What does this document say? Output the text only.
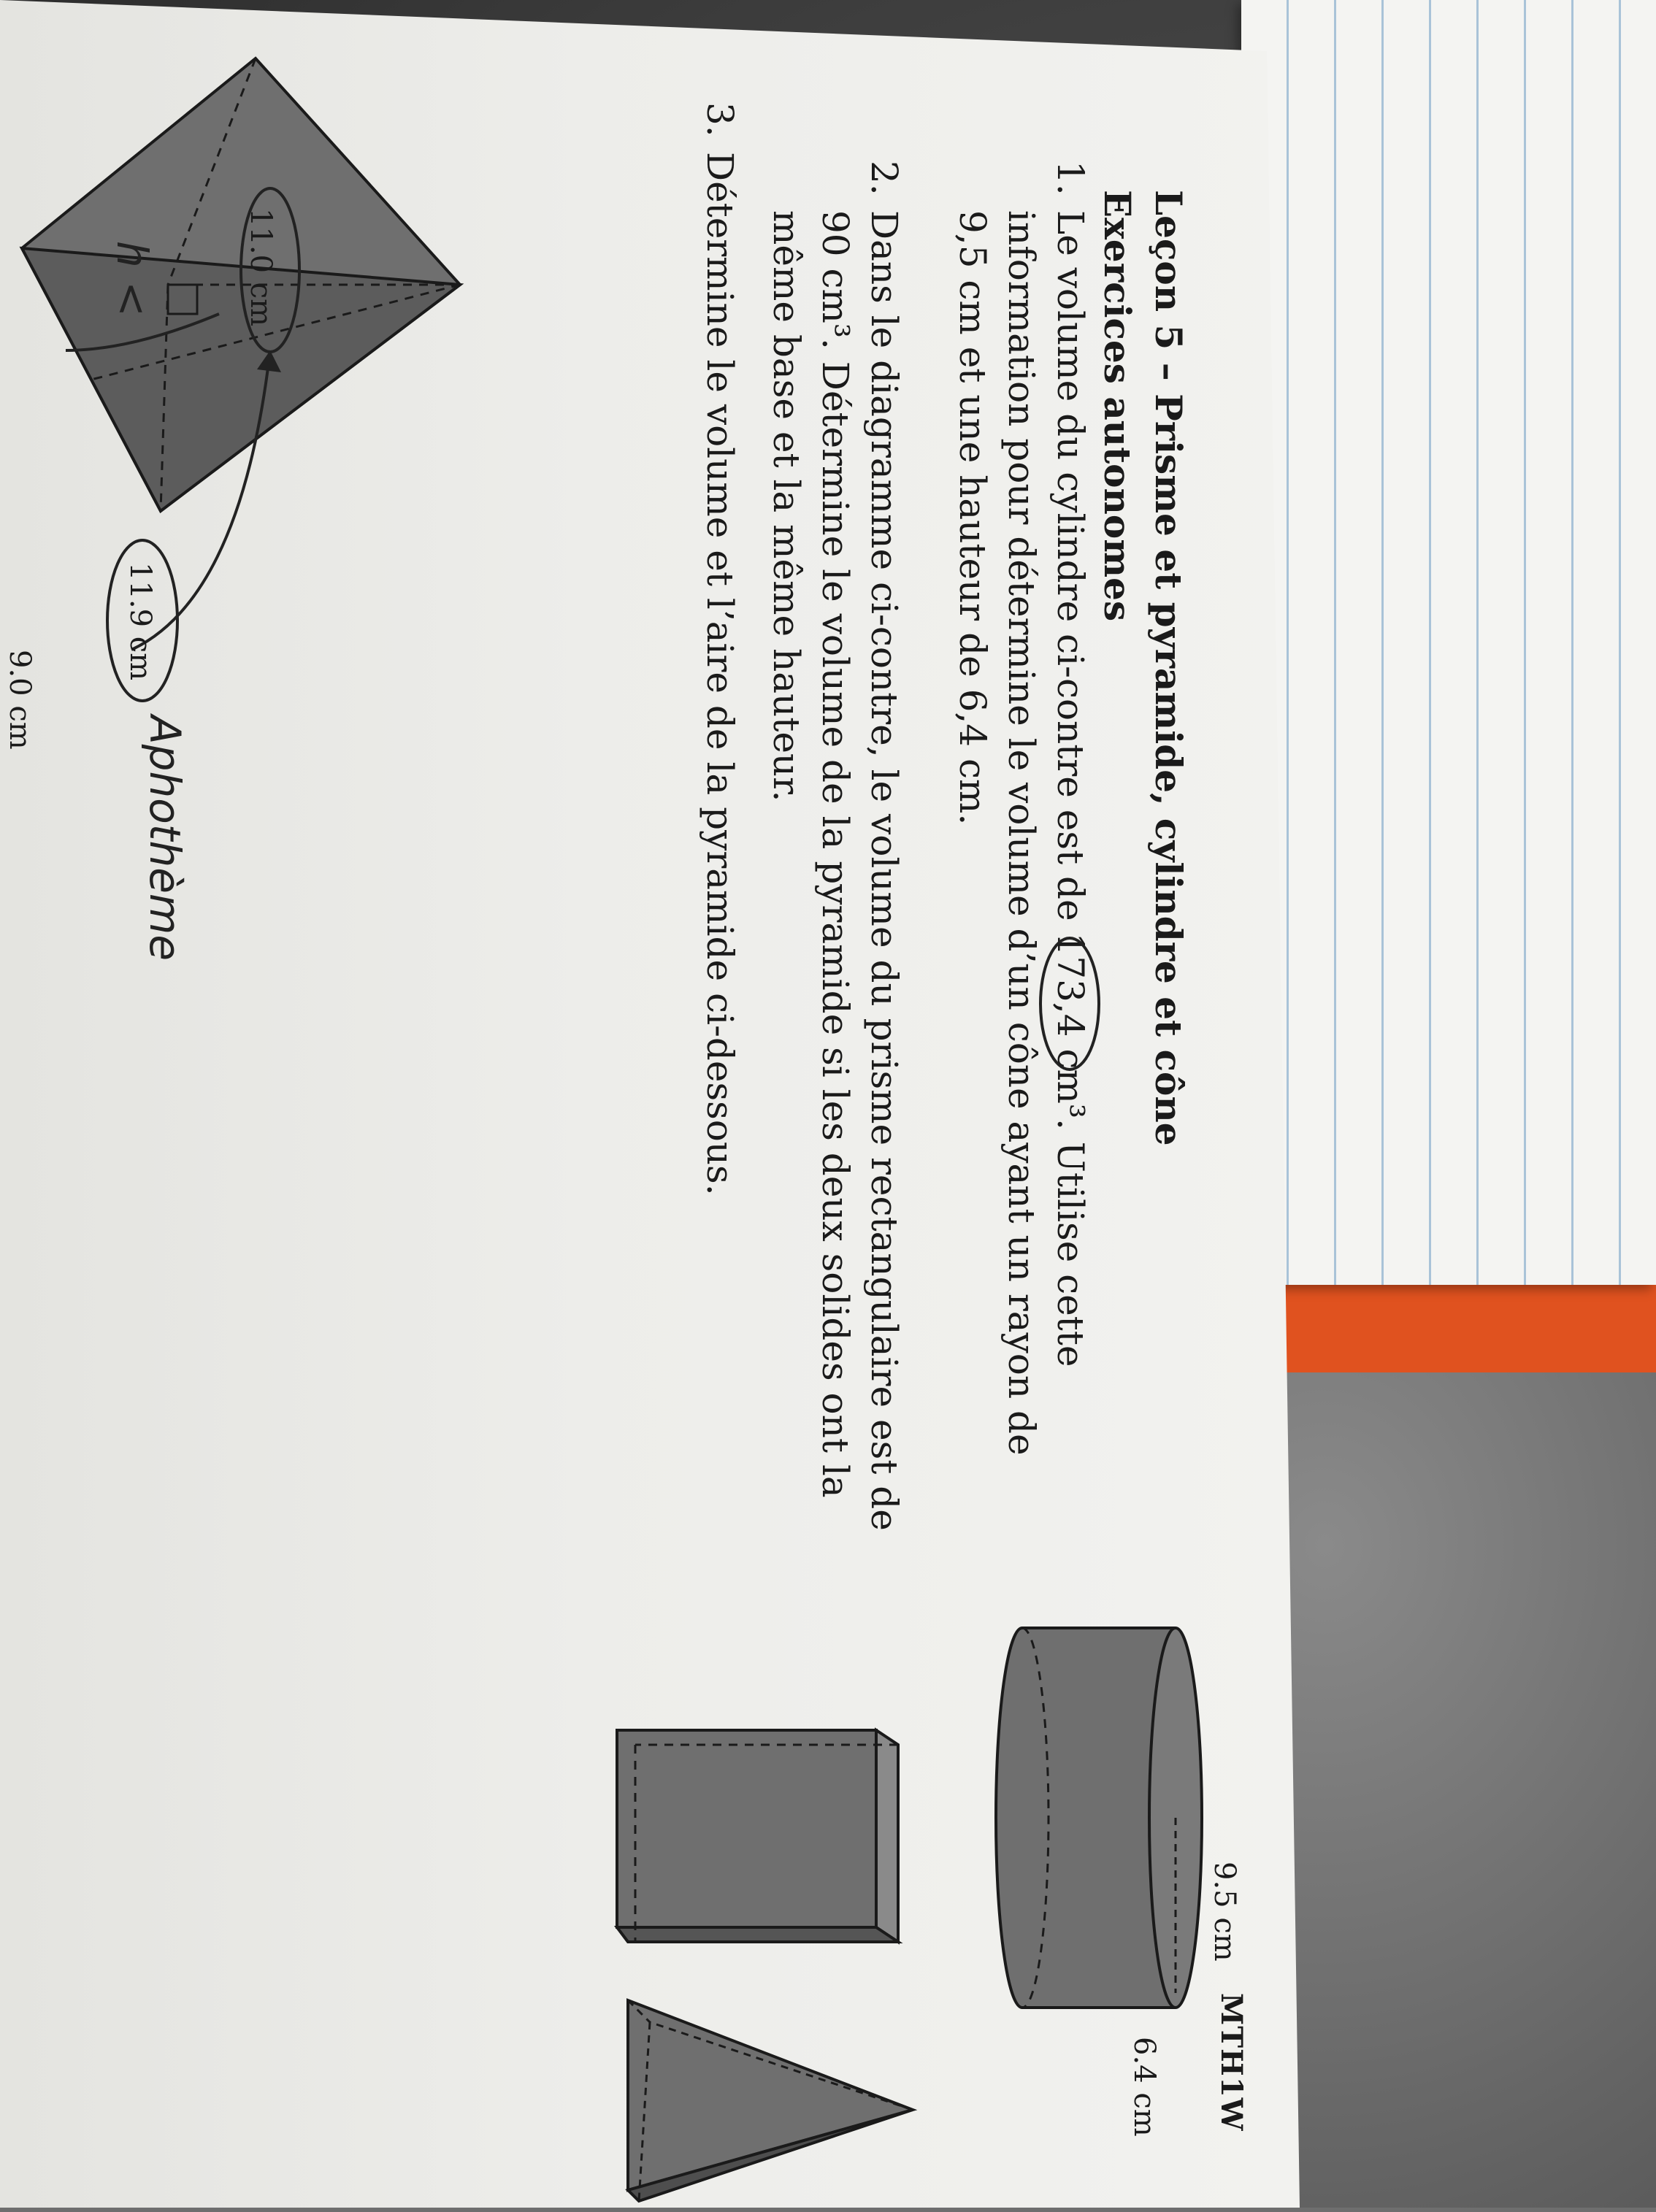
MTH1W
Leçon 5 – Prisme et pyramide, cylindre et cône
Exercices autonomes
1.Le volume du cylindre ci-contre est de 173,4 cm³. Utilise cette
information pour détermine le volume d’un cône ayant un rayon de
9,5 cm et une hauteur de 6,4 cm.
2.Dans le diagramme ci-contre, le volume du prisme rectangulaire est de
90 cm³. Détermine le volume de la pyramide si les deux solides ont la
même base et la même hauteur.
3.Détermine le volume et l’aire de la pyramide ci-dessous.
9.5 cm
6.4 cm
11.9 cm
11.0 cm
9.0 cm
Aphothème
h <
